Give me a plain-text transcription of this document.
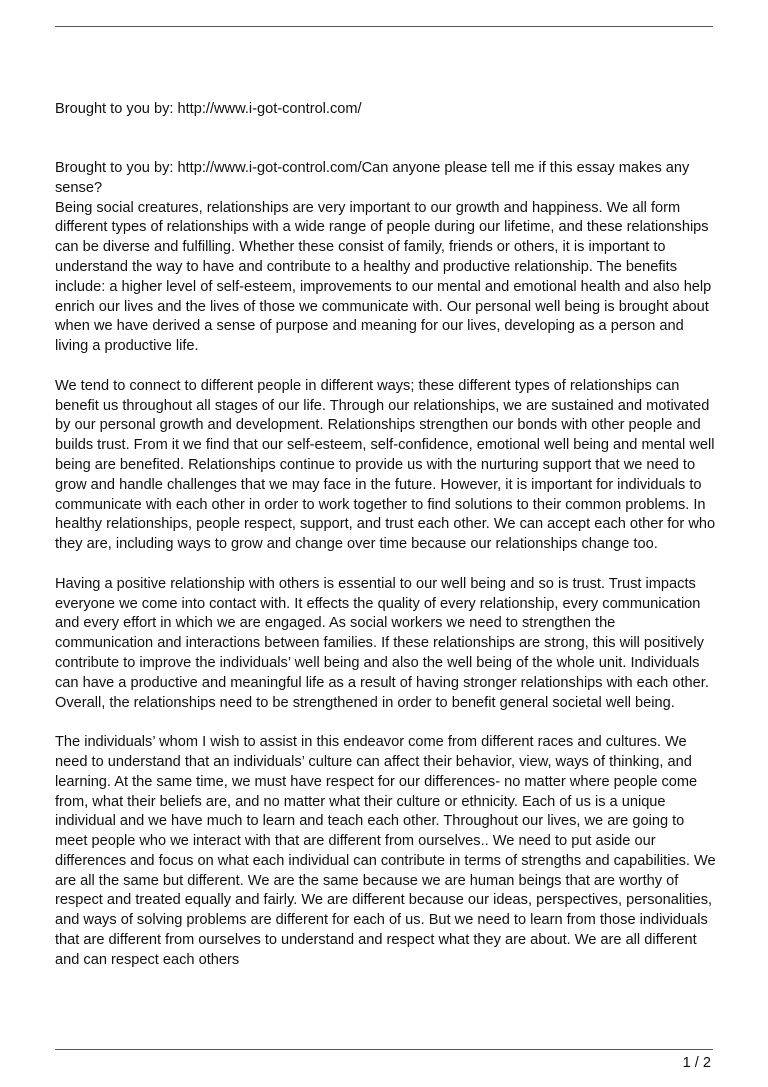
Brought to you by: http://www.i-got-control.com/

Brought to you by: http://www.i-got-control.com/Can anyone please tell me if this essay makes any sense?

Being social creatures, relationships are very important to our growth and happiness. We all form different types of relationships with a wide range of people during our lifetime, and these relationships can be diverse and fulfilling. Whether these consist of family, friends or others, it is important to understand the way to have and contribute to a healthy and productive relationship. The benefits include: a higher level of self-esteem, improvements to our mental and emotional health and also help enrich our lives and the lives of those we communicate with. Our personal well being is brought about when we have derived a sense of purpose and meaning for our lives, developing as a person and living a productive life.

We tend to connect to different people in different ways; these different types of relationships can benefit us throughout all stages of our life. Through our relationships, we are sustained and motivated by our personal growth and development. Relationships strengthen our bonds with other people and builds trust. From it we find that our self-esteem, self-confidence, emotional well being and mental well being are benefited. Relationships continue to provide us with the nurturing support that we need to grow and handle challenges that we may face in the future. However, it is important for individuals to communicate with each other in order to work together to find solutions to their common problems. In healthy relationships, people respect, support, and trust each other. We can accept each other for who they are, including ways to grow and change over time because our relationships change too.

Having a positive relationship with others is essential to our well being and so is trust. Trust impacts everyone we come into contact with. It effects the quality of every relationship, every communication and every effort in which we are engaged. As social workers we need to strengthen the communication and interactions between families. If these relationships are strong, this will positively contribute to improve the individuals’ well being and also the well being of the whole unit. Individuals can have a productive and meaningful life as a result of having stronger relationships with each other. Overall, the relationships need to be strengthened in order to benefit general societal well being.

The individuals’ whom I wish to assist in this endeavor come from different races and cultures. We need to understand that an individuals’ culture can affect their behavior, view, ways of thinking, and learning. At the same time, we must have respect for our differences- no matter where people come from, what their beliefs are, and no matter what their culture or ethnicity. Each of us is a unique individual and we have much to learn and teach each other. Throughout our lives, we are going to meet people who we interact with that are different from ourselves.. We need to put aside our differences and focus on what each individual can contribute in terms of strengths and capabilities. We are all the same but different. We are the same because we are human beings that are worthy of respect and treated equally and fairly. We are different because our ideas, perspectives, personalities, and ways of solving problems are different for each of us. But we need to learn from those individuals that are different from ourselves to understand and respect what they are about. We are all different and can respect each others

1 / 2
